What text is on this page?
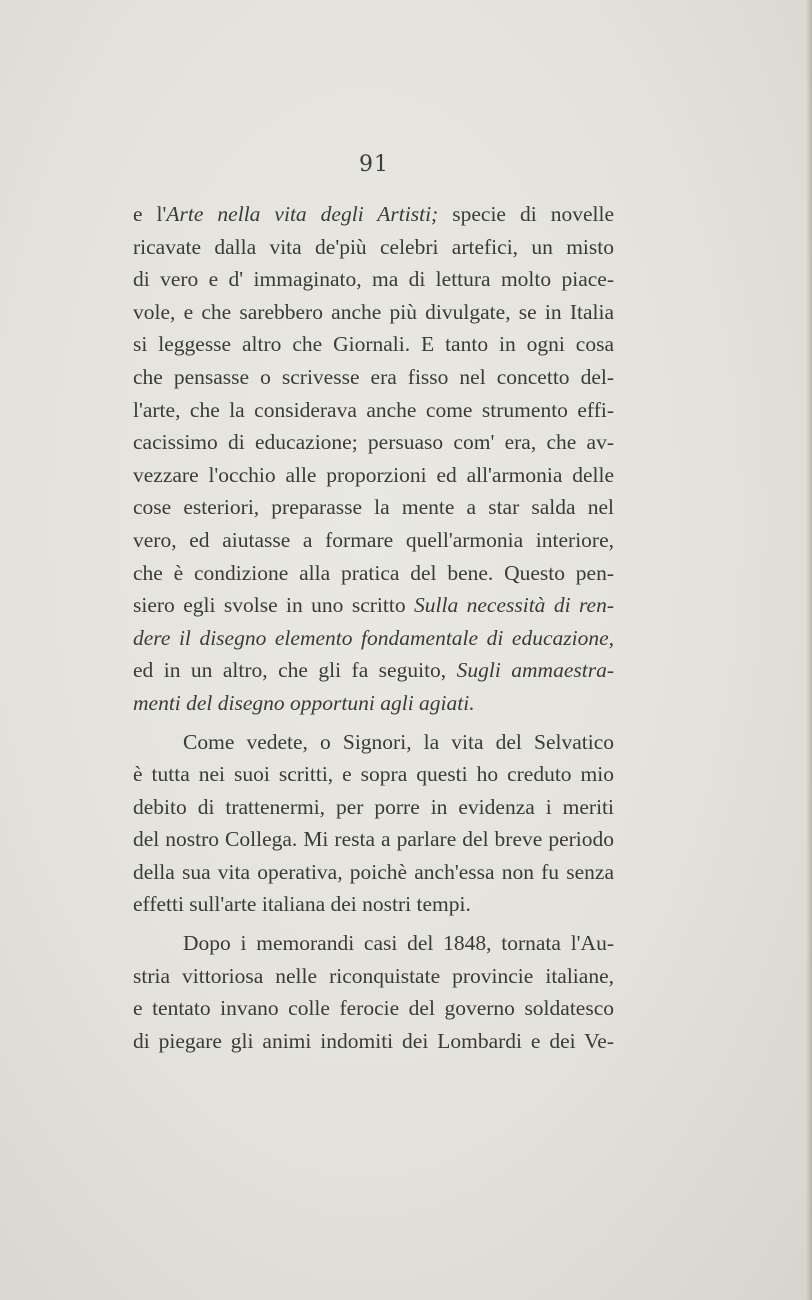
91
e l'Arte nella vita degli Artisti; specie di novelle
ricavate dalla vita de'più celebri artefici, un misto
di vero e d' immaginato, ma di lettura molto piace-
vole, e che sarebbero anche più divulgate, se in Italia
si leggesse altro che Giornali. E tanto in ogni cosa
che pensasse o scrivesse era fisso nel concetto del-
l'arte, che la considerava anche come strumento effi-
cacissimo di educazione; persuaso com' era, che av-
vezzare l'occhio alle proporzioni ed all'armonia delle
cose esteriori, preparasse la mente a star salda nel
vero, ed aiutasse a formare quell'armonia interiore,
che è condizione alla pratica del bene. Questo pen-
siero egli svolse in uno scritto Sulla necessità di ren-
dere il disegno elemento fondamentale di educazione,
ed in un altro, che gli fa seguito, Sugli ammaestra-
menti del disegno opportuni agli agiati.
Come vedete, o Signori, la vita del Selvatico
è tutta nei suoi scritti, e sopra questi ho creduto mio
debito di trattenermi, per porre in evidenza i meriti
del nostro Collega. Mi resta a parlare del breve periodo
della sua vita operativa, poichè anch'essa non fu senza
effetti sull'arte italiana dei nostri tempi.
Dopo i memorandi casi del 1848, tornata l'Au-
stria vittoriosa nelle riconquistate provincie italiane,
e tentato invano colle ferocie del governo soldatesco
di piegare gli animi indomiti dei Lombardi e dei Ve-
